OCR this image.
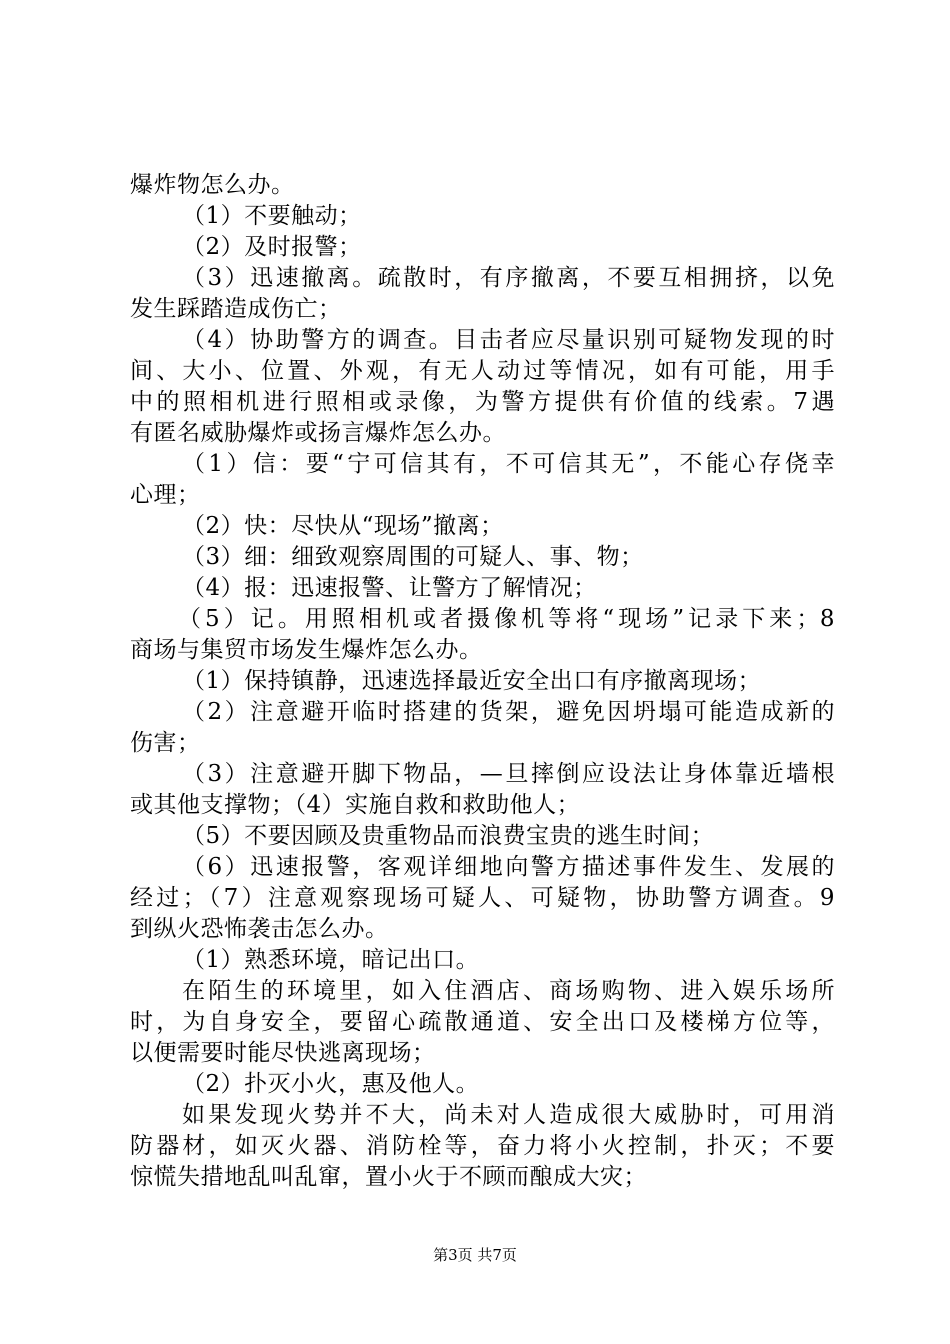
爆炸物怎么办。
（1）不要触动；
（2）及时报警；
（3）迅速撤离。疏散时，有序撤离，不要互相拥挤，以免
发生踩踏造成伤亡；
（4）协助警方的调查。目击者应尽量识别可疑物发现的时
间、大小、位置、外观，有无人动过等情况，如有可能，用手
中的照相机进行照相或录像，为警方提供有价值的线索。7遇
有匿名威胁爆炸或扬言爆炸怎么办。
（1）信：要“宁可信其有，不可信其无”，不能心存侥幸
心理；
（2）快：尽快从“现场”撤离；
（3）细：细致观察周围的可疑人、事、物；
（4）报：迅速报警、让警方了解情况；
（5）记。用照相机或者摄像机等将“现场”记录下来；8
商场与集贸市场发生爆炸怎么办。
（1）保持镇静，迅速选择最近安全出口有序撤离现场；
（2）注意避开临时搭建的货架，避免因坍塌可能造成新的
伤害；
（3）注意避开脚下物品，—旦摔倒应设法让身体靠近墙根
或其他支撑物；（4）实施自救和救助他人；
（5）不要因顾及贵重物品而浪费宝贵的逃生时间；
（6）迅速报警，客观详细地向警方描述事件发生、发展的
经过；（7）注意观察现场可疑人、可疑物，协助警方调查。9
到纵火恐怖袭击怎么办。
（1）熟悉环境，暗记出口。
在陌生的环境里，如入住酒店、商场购物、进入娱乐场所
时，为自身安全，要留心疏散通道、安全出口及楼梯方位等，
以便需要时能尽快逃离现场；
（2）扑灭小火，惠及他人。
如果发现火势并不大，尚未对人造成很大威胁时，可用消
防器材，如灭火器、消防栓等，奋力将小火控制，扑灭；不要
惊慌失措地乱叫乱窜，置小火于不顾而酿成大灾；
第3页 共7页
